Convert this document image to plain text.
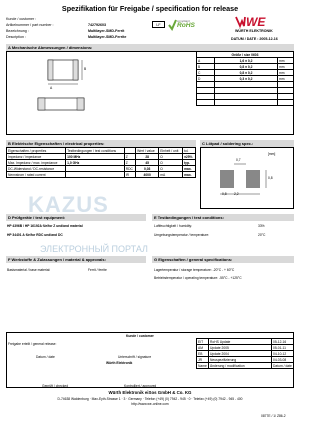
Spezifikation für Freigabe / specification for release
Kunde / customer :
Artikelnummer / part number :	742792603
Bezeichnung :	Multilayer-SMD-Ferrit
Description :	Multilayer-SMD-Ferrite
LF
compliant
RoHS	WE
WÜRTH ELEKTRONIK
DATUM / DATE : 2005-12-16
A Mechanische Abmessungen / dimensions:
A
B
Größe / size 0603		
A	1,6 ± 0,2	mm
B	0,8 ± 0,2	mm
C	0,8 ± 0,2	mm
D	0,3 ± 0,2	mm

B Elektrische Eigenschaften / electrical properties:
Eigenschaften / properties	Testbedingungen / test conditions		Wert / value	Einheit / unit	tol.
Impedanz / impedance	100 MHz	Z	28	Ω	±25%
Max. Impedanz / max. impedance	1,0 GHz	Z	45	Ω	typ.
DC-Widerstand / DC-resistance		RDC	0,03	Ω	max.
Nennstrom / rated current		IR	4000	mA	max.
C Lötpad / soldering spec.:
[mm]
0,7
2,2
0,8
0,8
D Prüfgeräte / test equipment:
HP 4396B / HP 16192A für/for Z und/and material
HP 34401 A für/for RDC und/and DC
E Testbedingungen / test conditions:
Luftfeuchtigkeit / humidity:	33%
Umgebungstemperatur / temperature:	20°C
F Werkstoffe & Zulassungen / material & approvals:
Basismaterial / base material:	Ferrit / ferrite
G Eigenschaften / general specifications:
Lagertemperatur / storage temperature: -20°C - + 60°C
Betriebstemperatur / operating temperature: -55°C - +125°C
KAZUS
ЭЛЕКТРОННЫЙ ПОРТАЛ
Kunde / customer
Freigabe erteilt / general release:
Datum / date	Unterschrift / signature
Würth Elektronik
Geprüft / checked	Kontrolliert / approved
EIT	RoHS Update	05-12-16
AM	Update 2005	05-01-11
EB	Update 2004	04-10-12
JR	Neuspezifizierung	04-03-08
Name	Änderung / modification	Datum / date
Würth Elektronik eiSos GmbH & Co. KG
D-74638 Waldenburg · Max-Eyth-Strasse 1 · 3 · Germany · Telefon (+49) (0) 7942 - 945 · 0 · Telefax (+49) (0) 7942 - 945 - 400
http://www.we-online.com
0877E / 1/ Z86-2
